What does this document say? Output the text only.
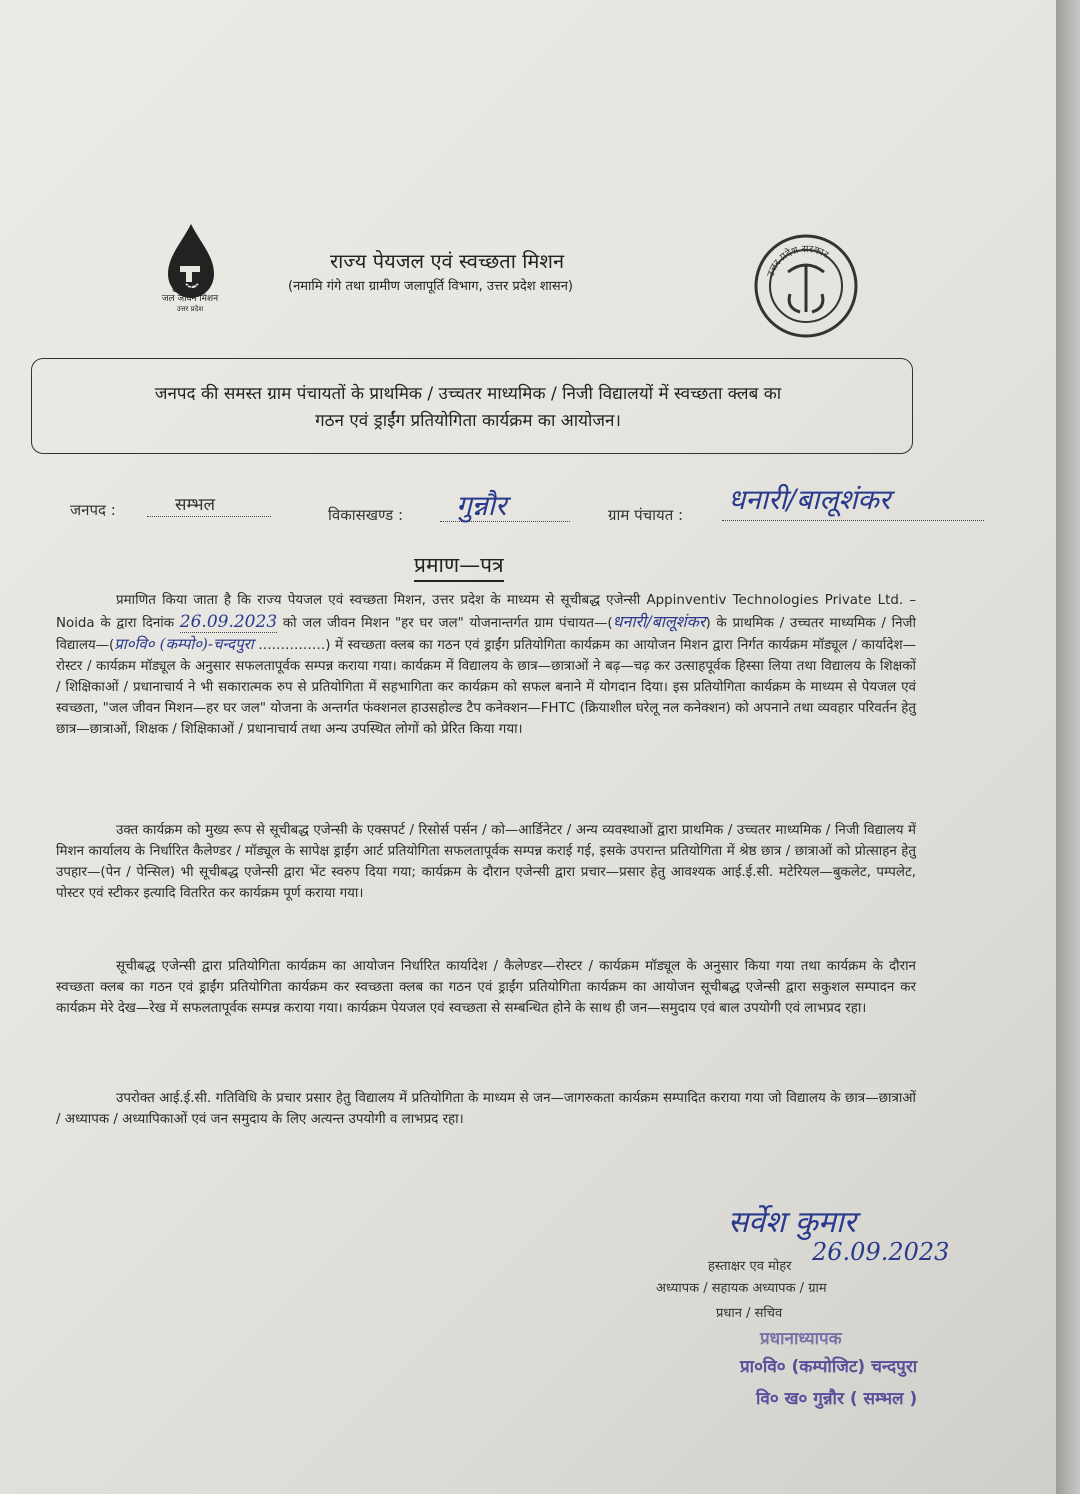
हर घर जल
जल जीवन मिशन
उत्तर प्रदेश
राज्य पेयजल एवं स्वच्छता मिशन
(नमामि गंगे तथा ग्रामीण जलापूर्ति विभाग, उत्तर प्रदेश शासन)
उत्तर प्रदेश सरकार
जनपद की समस्त ग्राम पंचायतों के प्राथमिक / उच्चतर माध्यमिक / निजी विद्यालयों में स्वच्छता क्लब का
गठन एवं ड्राईंग प्रतियोगिता कार्यक्रम का आयोजन।
जनपद :	सम्भल	विकासखण्ड :	गुन्नौर	ग्राम पंचायत : धनारी/बालूशंकर
प्रमाण—पत्र
प्रमाणित किया जाता है कि राज्य पेयजल एवं स्वच्छता मिशन, उत्तर प्रदेश के माध्यम से सूचीबद्ध एजेन्सी Appinventiv Technologies Private Ltd. – Noida के द्वारा दिनांक 26.09.2023 को जल जीवन मिशन "हर घर जल" योजनान्तर्गत ग्राम पंचायत—(धनारी/बालूशंकर) के प्राथमिक / उच्चतर माध्यमिक / निजी विद्यालय—(प्रा०वि० (कम्पो०)-चन्दपुरा ……………) में स्वच्छता क्लब का गठन एवं ड्राईंग प्रतियोगिता कार्यक्रम का आयोजन मिशन द्वारा निर्गत कार्यक्रम मॉड्यूल / कार्यादेश—रोस्टर / कार्यक्रम मॉड्यूल के अनुसार सफलतापूर्वक सम्पन्न कराया गया। कार्यक्रम में विद्यालय के छात्र—छात्राओं ने बढ़—चढ़ कर उत्साहपूर्वक हिस्सा लिया तथा विद्यालय के शिक्षकों / शिक्षिकाओं / प्रधानाचार्य ने भी सकारात्मक रुप से प्रतियोगिता में सहभागिता कर कार्यक्रम को सफल बनाने में योगदान दिया। इस प्रतियोगिता कार्यक्रम के माध्यम से पेयजल एवं स्वच्छता, "जल जीवन मिशन—हर घर जल" योजना के अन्तर्गत फंक्शनल हाउसहोल्ड टैप कनेक्शन—FHTC (क्रियाशील घरेलू नल कनेक्शन) को अपनाने तथा व्यवहार परिवर्तन हेतु छात्र—छात्राओं, शिक्षक / शिक्षिकाओं / प्रधानाचार्य तथा अन्य उपस्थित लोगों को प्रेरित किया गया।
उक्त कार्यक्रम को मुख्य रूप से सूचीबद्ध एजेन्सी के एक्सपर्ट / रिसोर्स पर्सन / को—आर्डिनेटर / अन्य व्यवस्थाओं द्वारा प्राथमिक / उच्चतर माध्यमिक / निजी विद्यालय में मिशन कार्यालय के निर्धारित कैलेण्डर / मॉड्यूल के सापेक्ष ड्राईंग आर्ट प्रतियोगिता सफलतापूर्वक सम्पन्न कराई गई, इसके उपरान्त प्रतियोगिता में श्रेष्ठ छात्र / छात्राओं को प्रोत्साहन हेतु उपहार—(पेन / पेन्सिल) भी सूचीबद्ध एजेन्सी द्वारा भेंट स्वरुप दिया गया; कार्यक्रम के दौरान एजेन्सी द्वारा प्रचार—प्रसार हेतु आवश्यक आई.ई.सी. मटेरियल—बुकलेट, पम्पलेट, पोस्टर एवं स्टीकर इत्यादि वितरित कर कार्यक्रम पूर्ण कराया गया।
सूचीबद्ध एजेन्सी द्वारा प्रतियोगिता कार्यक्रम का आयोजन निर्धारित कार्यादेश / कैलेण्डर—रोस्टर / कार्यक्रम मॉड्यूल के अनुसार किया गया तथा कार्यक्रम के दौरान स्वच्छता क्लब का गठन एवं ड्राईंग प्रतियोगिता कार्यक्रम कर स्वच्छता क्लब का गठन एवं ड्राईंग प्रतियोगिता कार्यक्रम का आयोजन सूचीबद्ध एजेन्सी द्वारा सकुशल सम्पादन कर कार्यक्रम मेरे देख—रेख में सफलतापूर्वक सम्पन्न कराया गया। कार्यक्रम पेयजल एवं स्वच्छता से सम्बन्धित होने के साथ ही जन—समुदाय एवं बाल उपयोगी एवं लाभप्रद रहा।
उपरोक्त आई.ई.सी. गतिविधि के प्रचार प्रसार हेतु विद्यालय में प्रतियोगिता के माध्यम से जन—जागरुकता कार्यक्रम सम्पादित कराया गया जो विद्यालय के छात्र—छात्राओं / अध्यापक / अध्यापिकाओं एवं जन समुदाय के लिए अत्यन्त उपयोगी व लाभप्रद रहा।
सर्वेश कुमार
हस्ताक्षर एव मोहर
26.09.2023
अध्यापक / सहायक अध्यापक / ग्राम
प्रधान / सचिव
प्रधानाध्यापक
प्रा०वि० (कम्पोजिट) चन्दपुरा
वि० ख० गुन्नौर ( सम्भल )
